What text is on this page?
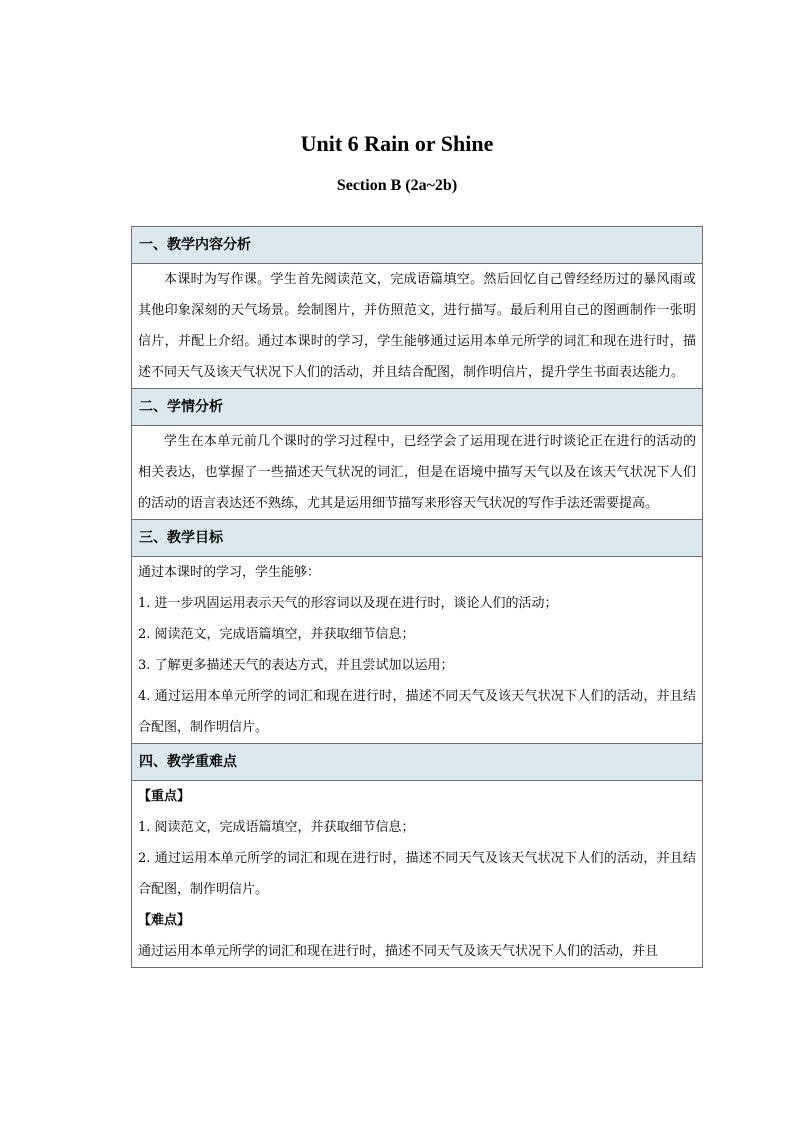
Unit 6 Rain or Shine
Section B (2a~2b)
一、教学内容分析

本课时为写作课。学生首先阅读范文，完成语篇填空。然后回忆自己曾经经历过的暴风雨或其他印象深刻的天气场景。绘制图片，并仿照范文，进行描写。最后利用自己的图画制作一张明信片，并配上介绍。通过本课时的学习，学生能够通过运用本单元所学的词汇和现在进行时，描述不同天气及该天气状况下人们的活动，并且结合配图，制作明信片，提升学生书面表达能力。

二、学情分析

学生在本单元前几个课时的学习过程中，已经学会了运用现在进行时谈论正在进行的活动的相关表达，也掌握了一些描述天气状况的词汇，但是在语境中描写天气以及在该天气状况下人们的活动的语言表达还不熟练，尤其是运用细节描写来形容天气状况的写作手法还需要提高。

三、教学目标

通过本课时的学习，学生能够：

1. 进一步巩固运用表示天气的形容词以及现在进行时，谈论人们的活动；

2. 阅读范文，完成语篇填空，并获取细节信息；

3. 了解更多描述天气的表达方式，并且尝试加以运用；

4. 通过运用本单元所学的词汇和现在进行时，描述不同天气及该天气状况下人们的活动，并且结合配图，制作明信片。

四、教学重难点

【重点】

1. 阅读范文，完成语篇填空，并获取细节信息；

2. 通过运用本单元所学的词汇和现在进行时，描述不同天气及该天气状况下人们的活动，并且结合配图，制作明信片。

【难点】

通过运用本单元所学的词汇和现在进行时，描述不同天气及该天气状况下人们的活动，并且
